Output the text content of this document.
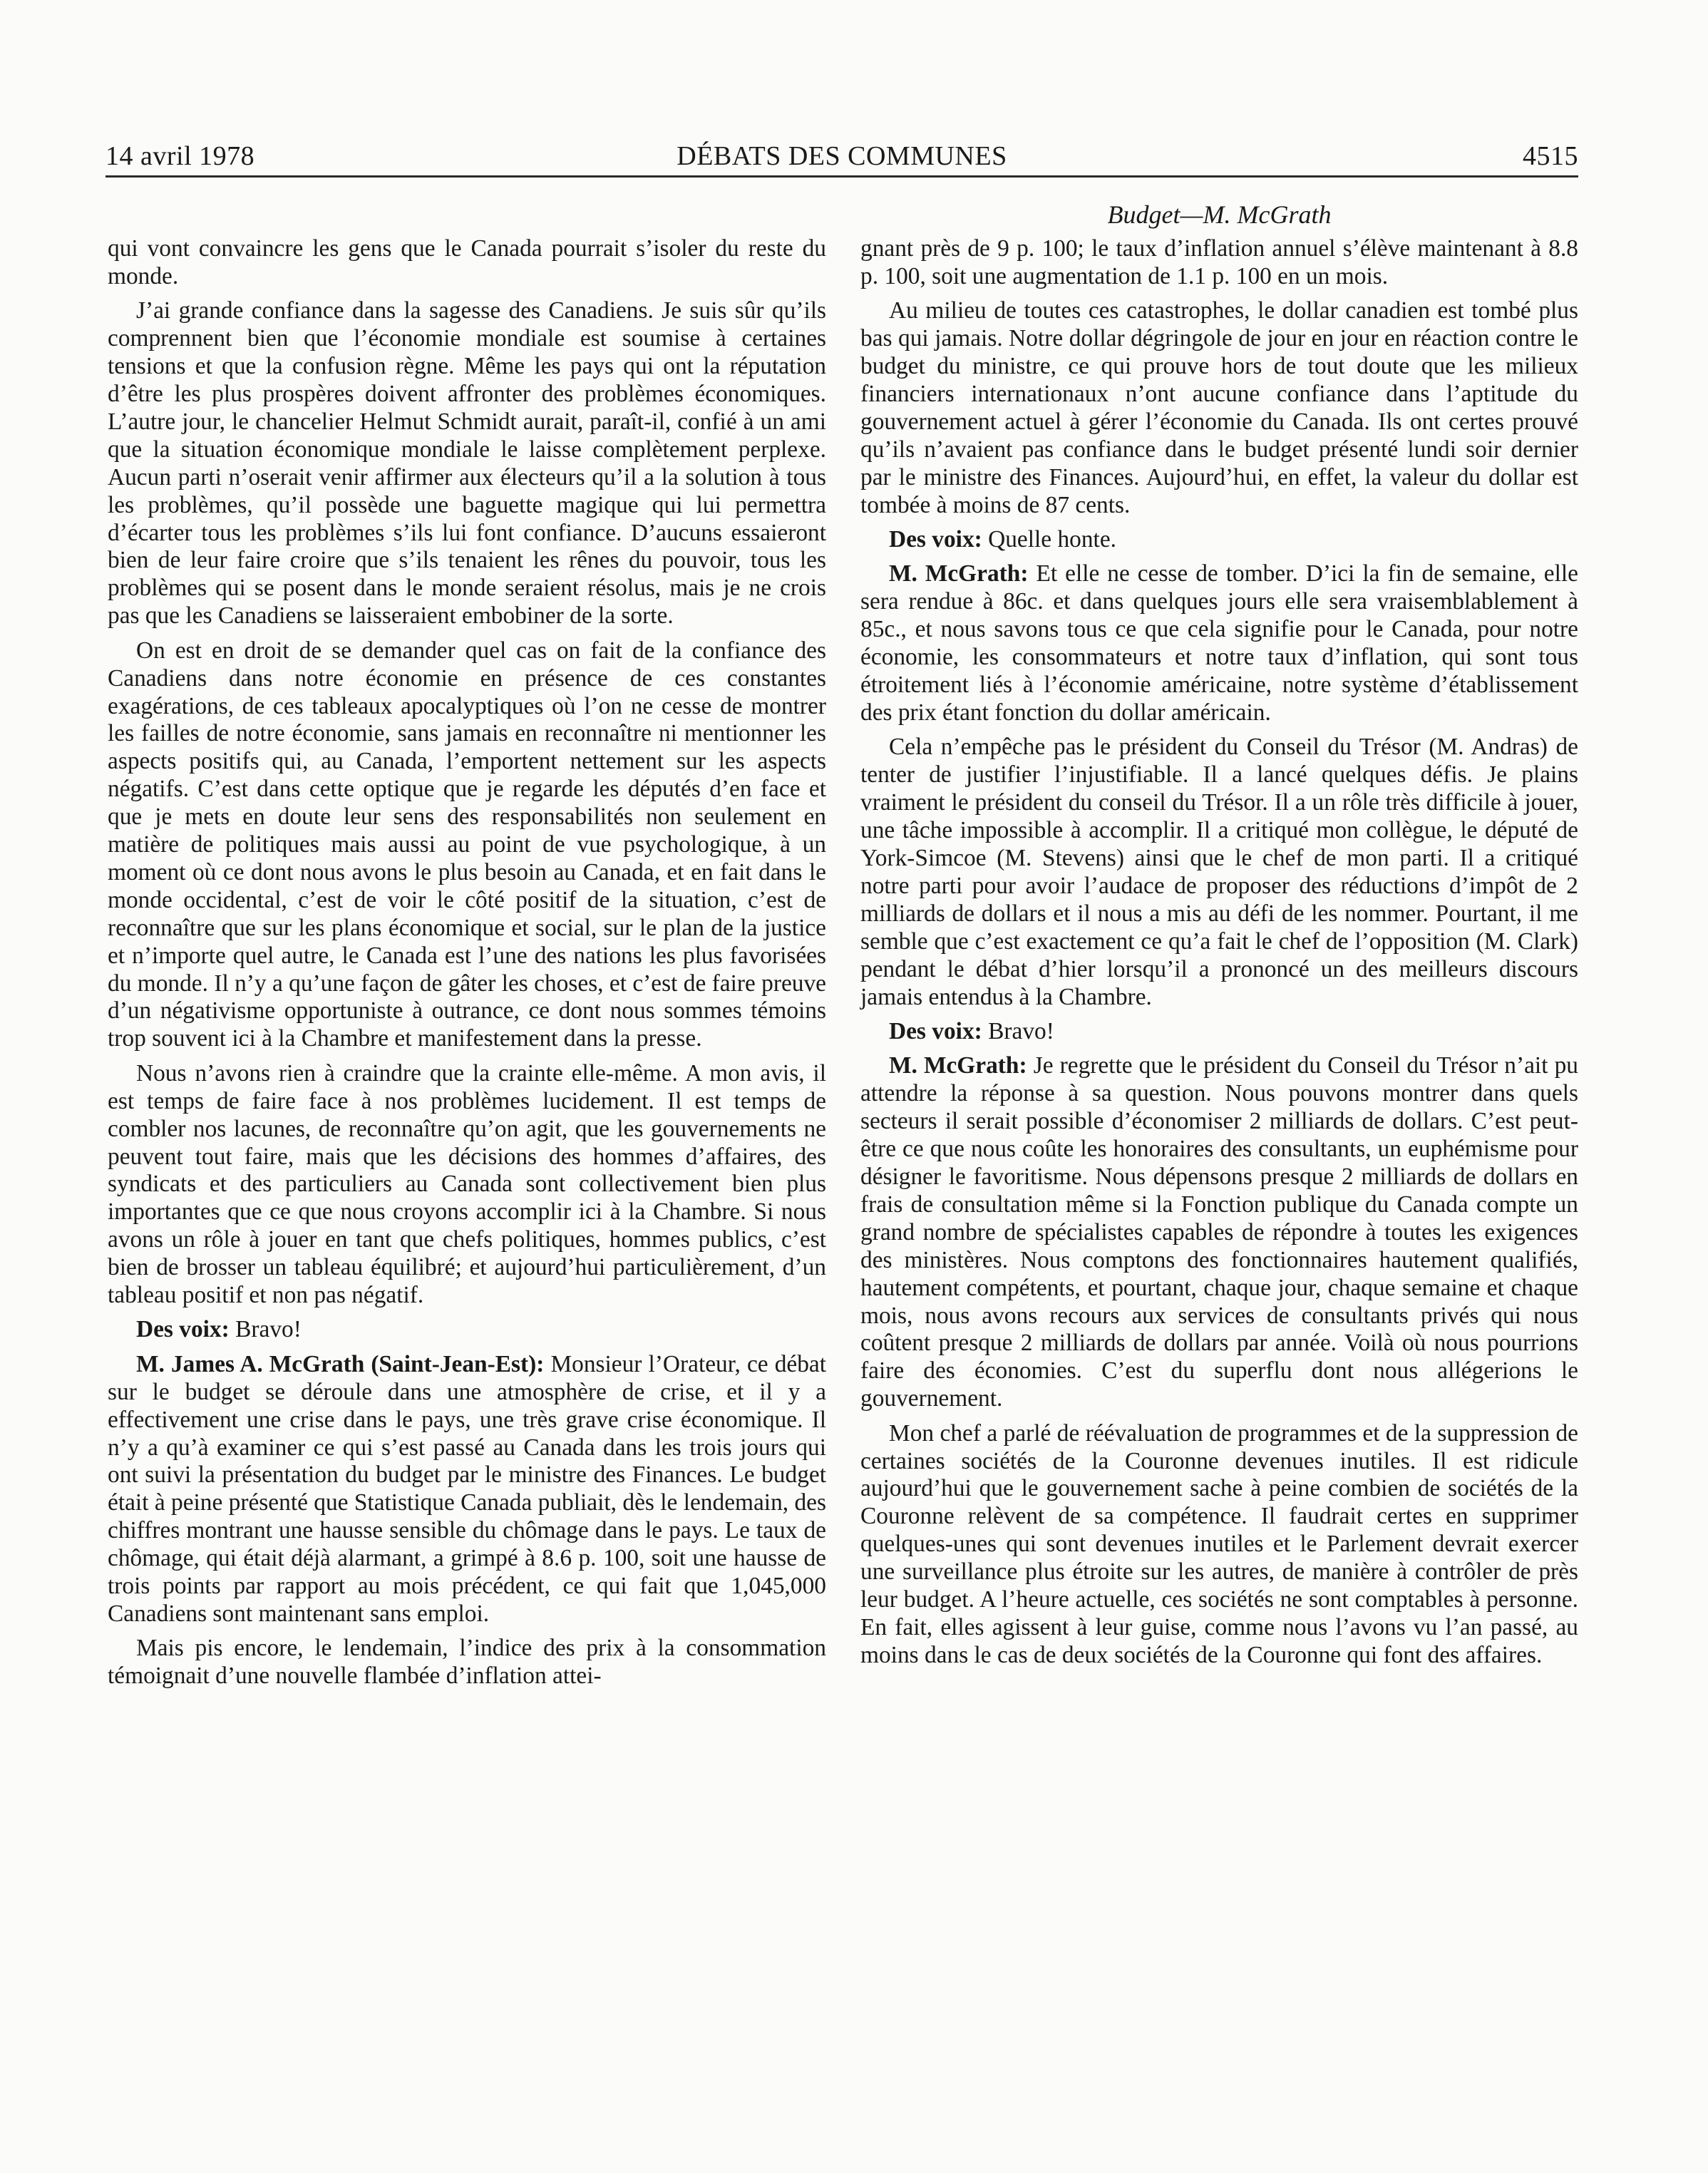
14 avril 1978	DÉBATS DES COMMUNES	4515
Budget—M. McGrath

qui vont convaincre les gens que le Canada pourrait s’isoler du reste du monde.

J’ai grande confiance dans la sagesse des Canadiens. Je suis sûr qu’ils comprennent bien que l’économie mondiale est soumise à certaines tensions et que la confusion règne. Même les pays qui ont la réputation d’être les plus prospères doivent affronter des problèmes économiques. L’autre jour, le chancelier Helmut Schmidt aurait, paraît-il, confié à un ami que la situation économique mondiale le laisse complètement perplexe. Aucun parti n’oserait venir affirmer aux électeurs qu’il a la solution à tous les problèmes, qu’il possède une baguette magique qui lui permettra d’écarter tous les problèmes s’ils lui font confiance. D’aucuns essaieront bien de leur faire croire que s’ils tenaient les rênes du pouvoir, tous les problèmes qui se posent dans le monde seraient résolus, mais je ne crois pas que les Canadiens se laisseraient embobiner de la sorte.

On est en droit de se demander quel cas on fait de la confiance des Canadiens dans notre économie en présence de ces constantes exagérations, de ces tableaux apocalyptiques où l’on ne cesse de montrer les failles de notre économie, sans jamais en reconnaître ni mentionner les aspects positifs qui, au Canada, l’emportent nettement sur les aspects négatifs. C’est dans cette optique que je regarde les députés d’en face et que je mets en doute leur sens des responsabilités non seulement en matière de politiques mais aussi au point de vue psychologique, à un moment où ce dont nous avons le plus besoin au Canada, et en fait dans le monde occidental, c’est de voir le côté positif de la situation, c’est de reconnaître que sur les plans économique et social, sur le plan de la justice et n’importe quel autre, le Canada est l’une des nations les plus favorisées du monde. Il n’y a qu’une façon de gâter les choses, et c’est de faire preuve d’un négativisme opportuniste à outrance, ce dont nous sommes témoins trop souvent ici à la Chambre et manifestement dans la presse.

Nous n’avons rien à craindre que la crainte elle-même. A mon avis, il est temps de faire face à nos problèmes lucidement. Il est temps de combler nos lacunes, de reconnaître qu’on agit, que les gouvernements ne peuvent tout faire, mais que les décisions des hommes d’affaires, des syndicats et des particuliers au Canada sont collectivement bien plus importantes que ce que nous croyons accomplir ici à la Chambre. Si nous avons un rôle à jouer en tant que chefs politiques, hommes publics, c’est bien de brosser un tableau équilibré; et aujourd’hui particulièrement, d’un tableau positif et non pas négatif.

Des voix: Bravo!

M. James A. McGrath (Saint-Jean-Est): Monsieur l’Orateur, ce débat sur le budget se déroule dans une atmosphère de crise, et il y a effectivement une crise dans le pays, une très grave crise économique. Il n’y a qu’à examiner ce qui s’est passé au Canada dans les trois jours qui ont suivi la présentation du budget par le ministre des Finances. Le budget était à peine présenté que Statistique Canada publiait, dès le lendemain, des chiffres montrant une hausse sensible du chômage dans le pays. Le taux de chômage, qui était déjà alarmant, a grimpé à 8.6 p. 100, soit une hausse de trois points par rapport au mois précédent, ce qui fait que 1,045,000 Canadiens sont maintenant sans emploi.

Mais pis encore, le lendemain, l’indice des prix à la consommation témoignait d’une nouvelle flambée d’inflation attei-

gnant près de 9 p. 100; le taux d’inflation annuel s’élève maintenant à 8.8 p. 100, soit une augmentation de 1.1 p. 100 en un mois.

Au milieu de toutes ces catastrophes, le dollar canadien est tombé plus bas qui jamais. Notre dollar dégringole de jour en jour en réaction contre le budget du ministre, ce qui prouve hors de tout doute que les milieux financiers internationaux n’ont aucune confiance dans l’aptitude du gouvernement actuel à gérer l’économie du Canada. Ils ont certes prouvé qu’ils n’avaient pas confiance dans le budget présenté lundi soir dernier par le ministre des Finances. Aujourd’hui, en effet, la valeur du dollar est tombée à moins de 87 cents.

Des voix: Quelle honte.

M. McGrath: Et elle ne cesse de tomber. D’ici la fin de semaine, elle sera rendue à 86c. et dans quelques jours elle sera vraisemblablement à 85c., et nous savons tous ce que cela signifie pour le Canada, pour notre économie, les consommateurs et notre taux d’inflation, qui sont tous étroitement liés à l’économie américaine, notre système d’établissement des prix étant fonction du dollar américain.

Cela n’empêche pas le président du Conseil du Trésor (M. Andras) de tenter de justifier l’injustifiable. Il a lancé quelques défis. Je plains vraiment le président du conseil du Trésor. Il a un rôle très difficile à jouer, une tâche impossible à accomplir. Il a critiqué mon collègue, le député de York-Simcoe (M. Stevens) ainsi que le chef de mon parti. Il a critiqué notre parti pour avoir l’audace de proposer des réductions d’impôt de 2 milliards de dollars et il nous a mis au défi de les nommer. Pourtant, il me semble que c’est exactement ce qu’a fait le chef de l’opposition (M. Clark) pendant le débat d’hier lorsqu’il a prononcé un des meilleurs discours jamais entendus à la Chambre.

Des voix: Bravo!

M. McGrath: Je regrette que le président du Conseil du Trésor n’ait pu attendre la réponse à sa question. Nous pouvons montrer dans quels secteurs il serait possible d’économiser 2 milliards de dollars. C’est peut-être ce que nous coûte les honoraires des consultants, un euphémisme pour désigner le favoritisme. Nous dépensons presque 2 milliards de dollars en frais de consultation même si la Fonction publique du Canada compte un grand nombre de spécialistes capables de répondre à toutes les exigences des ministères. Nous comptons des fonctionnaires hautement qualifiés, hautement compétents, et pourtant, chaque jour, chaque semaine et chaque mois, nous avons recours aux services de consultants privés qui nous coûtent presque 2 milliards de dollars par année. Voilà où nous pourrions faire des économies. C’est du superflu dont nous allégerions le gouvernement.

Mon chef a parlé de réévaluation de programmes et de la suppression de certaines sociétés de la Couronne devenues inutiles. Il est ridicule aujourd’hui que le gouvernement sache à peine combien de sociétés de la Couronne relèvent de sa compétence. Il faudrait certes en supprimer quelques-unes qui sont devenues inutiles et le Parlement devrait exercer une surveillance plus étroite sur les autres, de manière à contrôler de près leur budget. A l’heure actuelle, ces sociétés ne sont comptables à personne. En fait, elles agissent à leur guise, comme nous l’avons vu l’an passé, au moins dans le cas de deux sociétés de la Couronne qui font des affaires.
